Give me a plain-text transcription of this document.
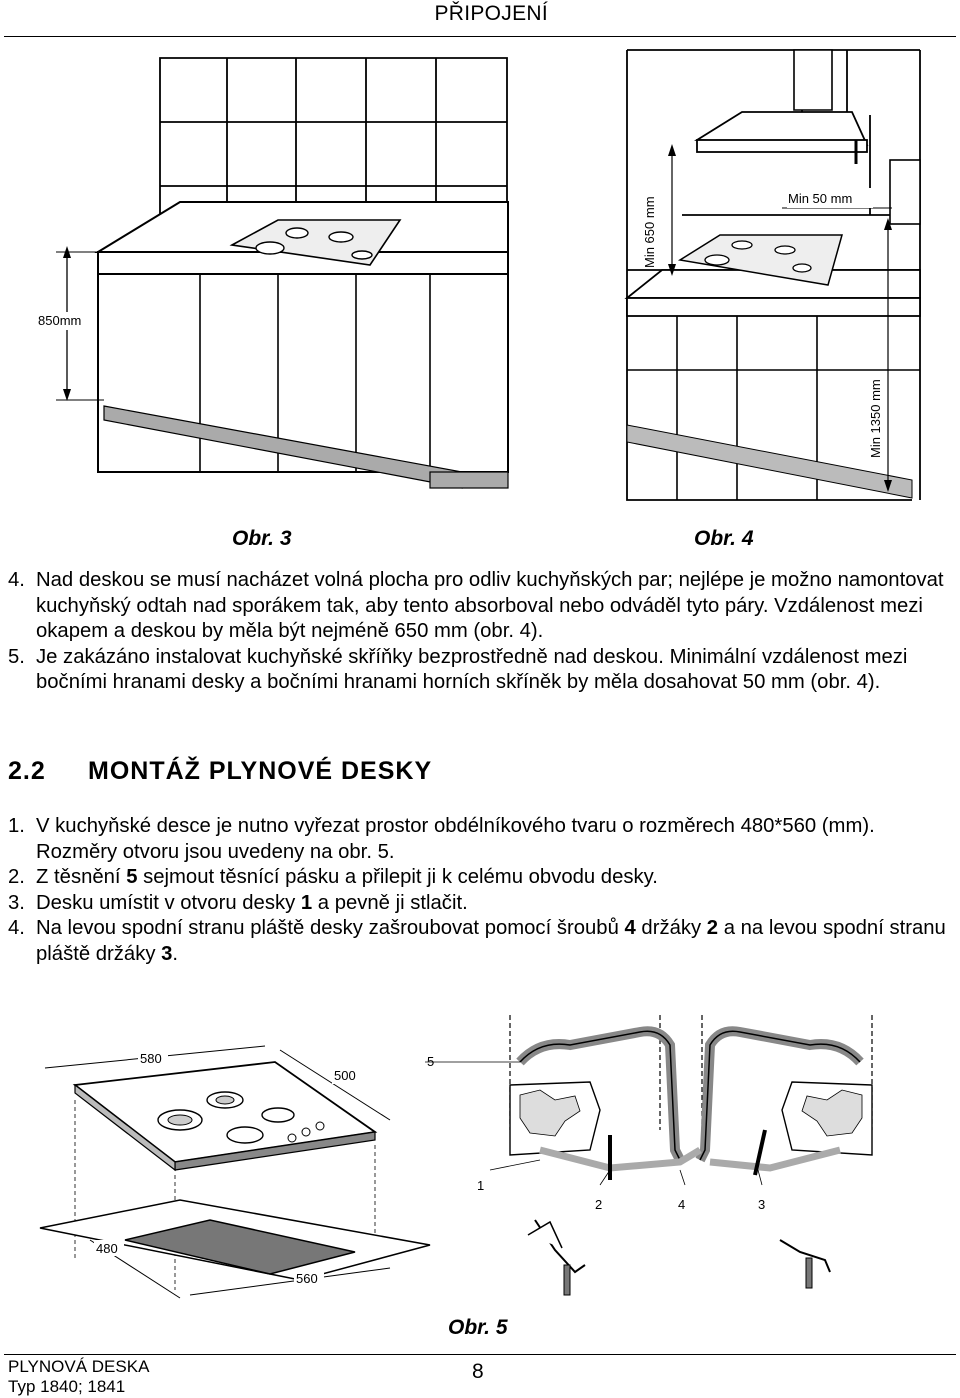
PŘIPOJENÍ
850mm
Obr. 3
Min 650 mm	Min 50 mm
Min 1350 mm
Obr. 4
4. Nad deskou se musí nacházet volná plocha pro odliv kuchyňských par; nejlépe je možno namontovat kuchyňský odtah nad sporákem tak, aby tento absorboval nebo odváděl tyto páry. Vzdálenost mezi okapem a deskou by měla být nejméně 650 mm (obr. 4).
5. Je zakázáno instalovat kuchyňské skříňky bezprostředně nad deskou. Minimální vzdálenost mezi bočními hranami desky a bočními hranami horních skříněk by měla dosahovat 50 mm (obr. 4).
2.2 MONTÁŽ PLYNOVÉ DESKY
1. V kuchyňské desce je nutno vyřezat prostor obdélníkového tvaru o rozměrech 480*560 (mm). Rozměry otvoru jsou uvedeny na obr. 5.
2. Z těsnění 5 sejmout těsnící pásku a přilepit ji k celému obvodu desky.
3. Desku umístit v otvoru desky 1 a pevně ji stlačit.
4. Na levou spodní stranu pláště desky zašroubovat pomocí šroubů 4 držáky 2 a na levou spodní stranu pláště držáky 3.
580
500
480
560
5
1
2	4	3
Obr. 5
PLYNOVÁ DESKA
Typ 1840; 1841
8
